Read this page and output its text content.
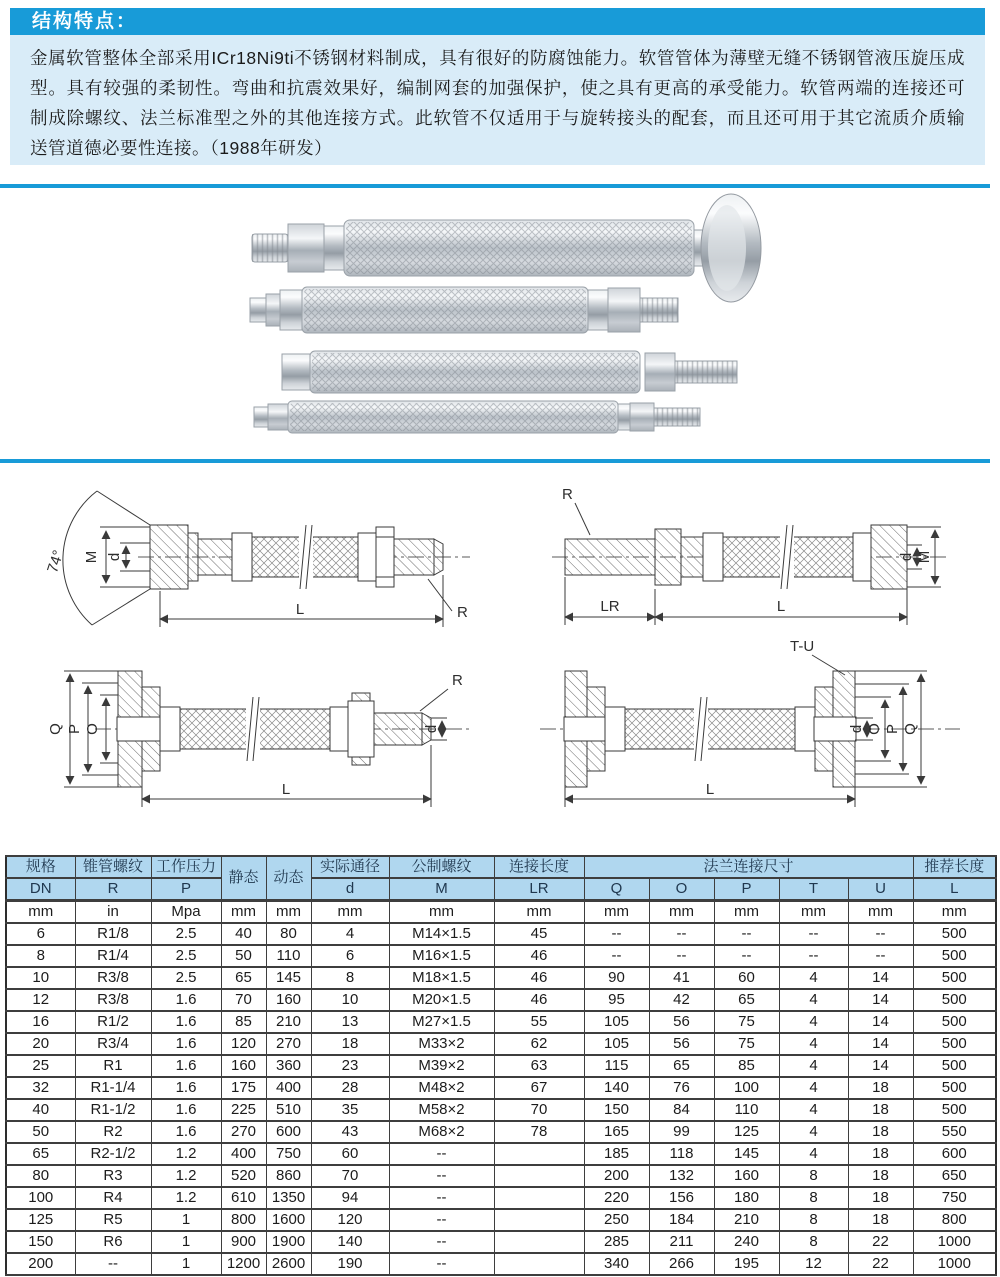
结构特点：

金属软管整体全部采用ICr18Ni9ti不锈钢材料制成，具有很好的防腐蚀能力。软管管体为薄壁无缝不锈钢管液压旋压成型。具有较强的柔韧性。弯曲和抗震效果好，编制网套的加强保护，使之具有更高的承受能力。软管两端的连接还可制成除螺纹、法兰标准型之外的其他连接方式。此软管不仅适用于与旋转接头的配套，而且还可用于其它流质介质输送管道德必要性连接。（1988年研发）

74° M d
R
L
R
d M
LR	L
Q P O
R
d
L
T-U
d O P Q
L
规格	锥管螺纹	工作压力	静态	动态	实际通径	公制螺纹	连接长度	法兰连接尺寸					推荐长度
DN	R	P			d	M	LR	Q	O	P	T	U	L
mm	in	Mpa	mm	mm	mm	mm	mm	mm	mm	mm	mm	mm	mm
6	R1/8	2.5	40	80	4	M14×1.5	45	--	--	--	--	--	500
8	R1/4	2.5	50	110	6	M16×1.5	46	--	--	--	--	--	500
10	R3/8	2.5	65	145	8	M18×1.5	46	90	41	60	4	14	500
12	R3/8	1.6	70	160	10	M20×1.5	46	95	42	65	4	14	500
16	R1/2	1.6	85	210	13	M27×1.5	55	105	56	75	4	14	500
20	R3/4	1.6	120	270	18	M33×2	62	105	56	75	4	14	500
25	R1	1.6	160	360	23	M39×2	63	115	65	85	4	14	500
32	R1-1/4	1.6	175	400	28	M48×2	67	140	76	100	4	18	500
40	R1-1/2	1.6	225	510	35	M58×2	70	150	84	110	4	18	500
50	R2	1.6	270	600	43	M68×2	78	165	99	125	4	18	550
65	R2-1/2	1.2	400	750	60	--		185	118	145	4	18	600
80	R3	1.2	520	860	70	--		200	132	160	8	18	650
100	R4	1.2	610	1350	94	--		220	156	180	8	18	750
125	R5	1	800	1600	120	--		250	184	210	8	18	800
150	R6	1	900	1900	140	--		285	211	240	8	22	1000
200	--	1	1200	2600	190	--		340	266	195	12	22	1000
